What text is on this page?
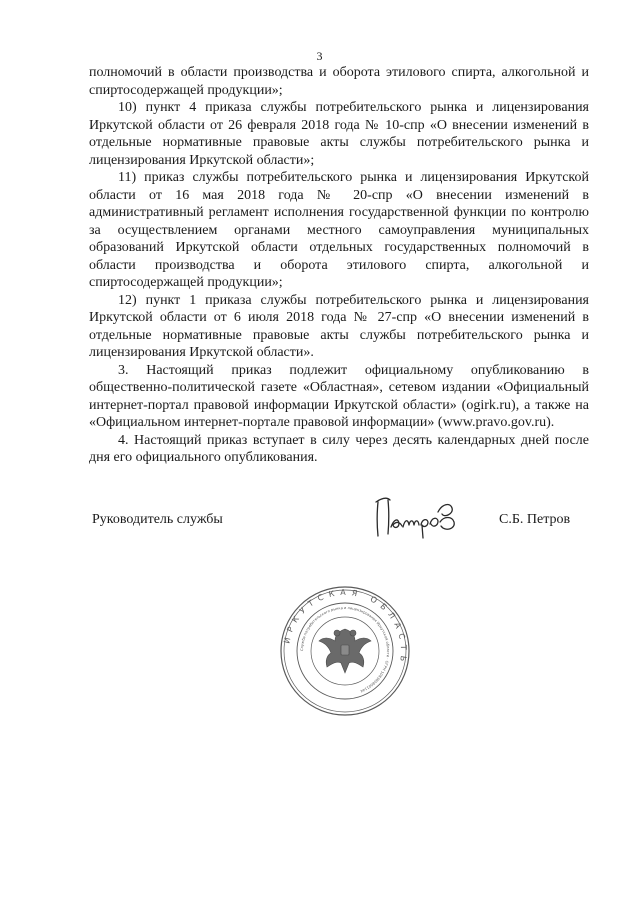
3

полномочий в области производства и оборота этилового спирта, алкогольной и спиртосодержащей продукции»;

10) пункт 4 приказа службы потребительского рынка и лицензирования Иркутской области от 26 февраля 2018 года № 10-спр «О внесении изменений в отдельные нормативные правовые акты службы потребительского рынка и лицензирования Иркутской области»;

11) приказ службы потребительского рынка и лицензирования Иркутской области от 16 мая 2018 года № 20-спр «О внесении изменений в административный регламент исполнения государственной функции по контролю за осуществлением органами местного самоуправления муниципальных образований Иркутской области отдельных государственных полномочий в области производства и оборота этилового спирта, алкогольной и спиртосодержащей продукции»;

12) пункт 1 приказа службы потребительского рынка и лицензирования Иркутской области от 6 июля 2018 года № 27-спр «О внесении изменений в отдельные нормативные правовые акты службы потребительского рынка и лицензирования Иркутской области».

3. Настоящий приказ подлежит официальному опубликованию в общественно-политической газете «Областная», сетевом издании «Официальный интернет-портал правовой информации Иркутской области» (ogirk.ru), а также на «Официальном интернет-портале правовой информации» (www.pravo.gov.ru).

4. Настоящий приказ вступает в силу через десять календарных дней после дня его официального опубликования.

Руководитель службы	С.Б. Петров
ИРКУТСКАЯ ОБЛАСТЬ
Служба потребительского рынка и лицензирования Иркутской области · ОГРН 1083808001144
